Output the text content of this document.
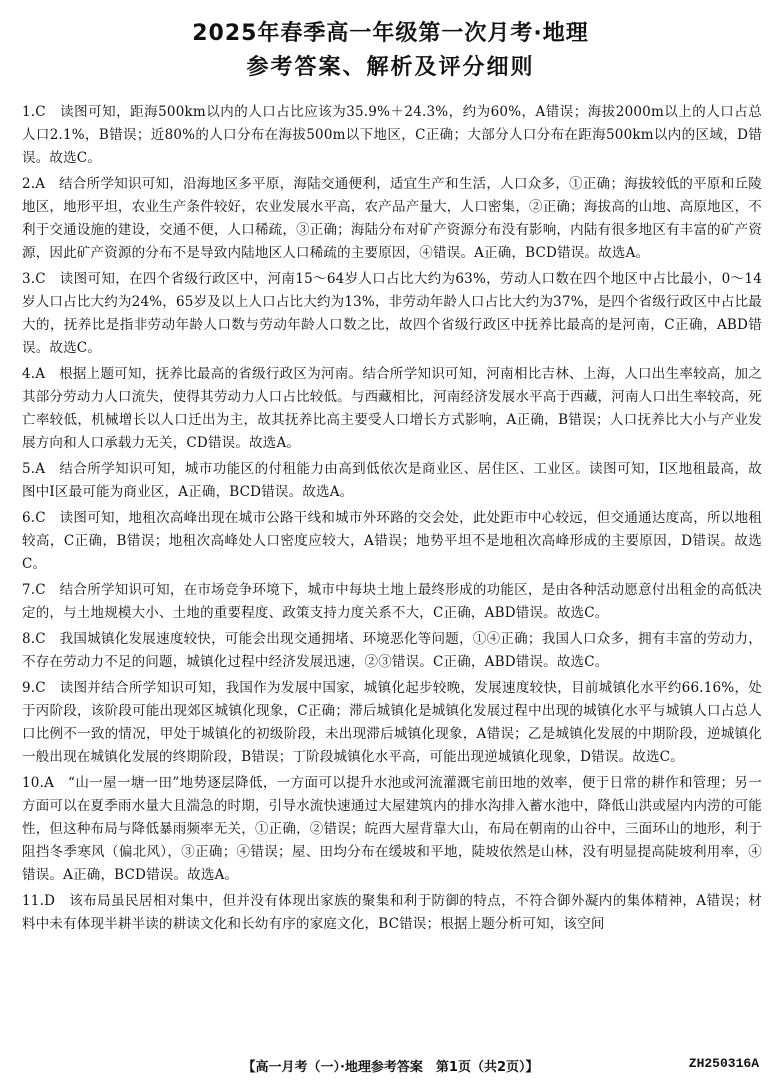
2025年春季高一年级第一次月考·地理
参考答案、解析及评分细则

1.C　读图可知，距海500km以内的人口占比应该为35.9%＋24.3%，约为60%，A错误；海拔2000m以上的人口占总人口2.1%，B错误；近80%的人口分布在海拔500m以下地区，C正确；大部分人口分布在距海500km以内的区域，D错误。故选C。

2.A　结合所学知识可知，沿海地区多平原，海陆交通便利，适宜生产和生活，人口众多，①正确；海拔较低的平原和丘陵地区，地形平坦，农业生产条件较好，农业发展水平高，农产品产量大，人口密集，②正确；海拔高的山地、高原地区，不利于交通设施的建设，交通不便，人口稀疏，③正确；海陆分布对矿产资源分布没有影响，内陆有很多地区有丰富的矿产资源，因此矿产资源的分布不是导致内陆地区人口稀疏的主要原因，④错误。A正确，BCD错误。故选A。

3.C　读图可知，在四个省级行政区中，河南15～64岁人口占比大约为63%，劳动人口数在四个地区中占比最小，0～14岁人口占比大约为24%，65岁及以上人口占比大约为13%，非劳动年龄人口占比大约为37%，是四个省级行政区中占比最大的，抚养比是指非劳动年龄人口数与劳动年龄人口数之比，故四个省级行政区中抚养比最高的是河南，C正确，ABD错误。故选C。

4.A　根据上题可知，抚养比最高的省级行政区为河南。结合所学知识可知，河南相比吉林、上海，人口出生率较高，加之其部分劳动力人口流失，使得其劳动力人口占比较低。与西藏相比，河南经济发展水平高于西藏，河南人口出生率较高，死亡率较低，机械增长以人口迁出为主，故其抚养比高主要受人口增长方式影响，A正确，B错误；人口抚养比大小与产业发展方向和人口承载力无关，CD错误。故选A。

5.A　结合所学知识可知，城市功能区的付租能力由高到低依次是商业区、居住区、工业区。读图可知，Ⅰ区地租最高，故图中Ⅰ区最可能为商业区，A正确，BCD错误。故选A。

6.C　读图可知，地租次高峰出现在城市公路干线和城市外环路的交会处，此处距市中心较远，但交通通达度高，所以地租较高，C正确，B错误；地租次高峰处人口密度应较大，A错误；地势平坦不是地租次高峰形成的主要原因，D错误。故选C。

7.C　结合所学知识可知，在市场竞争环境下，城市中每块土地上最终形成的功能区，是由各种活动愿意付出租金的高低决定的，与土地规模大小、土地的重要程度、政策支持力度关系不大，C正确，ABD错误。故选C。

8.C　我国城镇化发展速度较快，可能会出现交通拥堵、环境恶化等问题，①④正确；我国人口众多，拥有丰富的劳动力，不存在劳动力不足的问题，城镇化过程中经济发展迅速，②③错误。C正确，ABD错误。故选C。

9.C　读图并结合所学知识可知，我国作为发展中国家，城镇化起步较晚，发展速度较快，目前城镇化水平约66.16%，处于丙阶段，该阶段可能出现郊区城镇化现象，C正确；滞后城镇化是城镇化发展过程中出现的城镇化水平与城镇人口占总人口比例不一致的情况，甲处于城镇化的初级阶段，未出现滞后城镇化现象，A错误；乙是城镇化发展的中期阶段，逆城镇化一般出现在城镇化发展的终期阶段，B错误；丁阶段城镇化水平高，可能出现逆城镇化现象，D错误。故选C。

10.A　“山一屋一塘一田”地势逐层降低，一方面可以提升水池或河流灌溉宅前田地的效率，便于日常的耕作和管理；另一方面可以在夏季雨水量大且湍急的时期，引导水流快速通过大屋建筑内的排水沟排入蓄水池中，降低山洪或屋内内涝的可能性，但这种布局与降低暴雨频率无关，①正确，②错误；皖西大屋背靠大山，布局在朝南的山谷中，三面环山的地形，利于阻挡冬季寒风（偏北风），③正确；④错误；屋、田均分布在缓坡和平地，陡坡依然是山林，没有明显提高陡坡利用率，④错误。A正确，BCD错误。故选A。

11.D　该布局虽民居相对集中，但并没有体现出家族的聚集和利于防御的特点，不符合御外凝内的集体精神，A错误；材料中未有体现半耕半读的耕读文化和长幼有序的家庭文化，BC错误；根据上题分析可知，该空间

【高一月考（一）·地理参考答案　第1页（共2页）】	ZH250316A
